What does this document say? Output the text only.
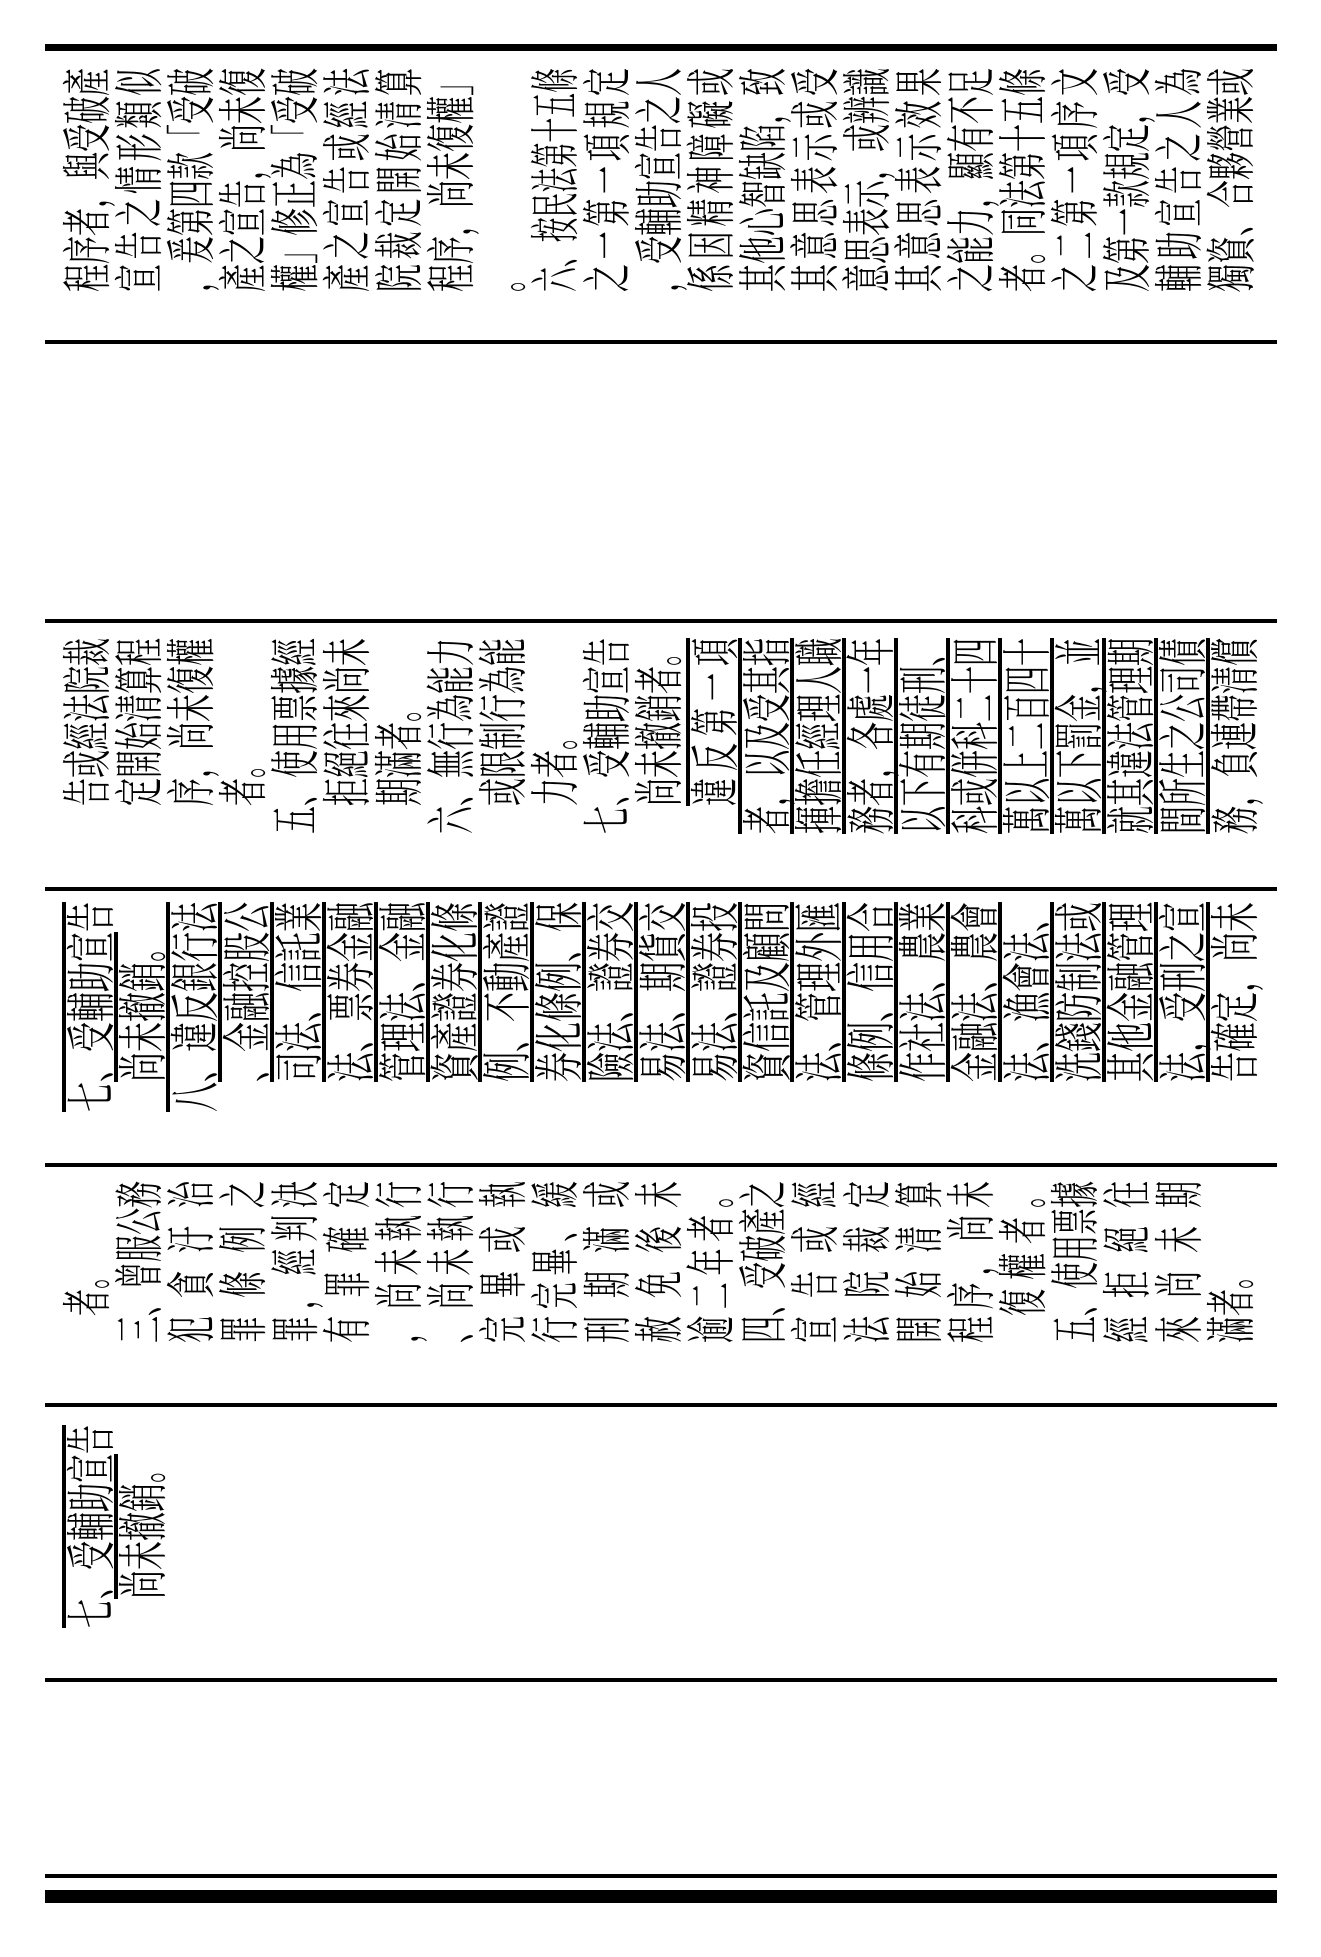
程序者，與受破產
宣告之情形類似
，爰第四款「受破
產之宣告，尚未復
權」修正為「受破
產之宣告或經法
院裁定開始清算
程序，尚未復權」
。
六、按民法第十五條
之一第一項規定
，受輔助宣告之人
係因精神障礙或
其他心智缺陷，致
其意思表示或受
意思表示，或辨識
其意思表示效果
之能力，顯有不足
者。同法第十五條
之二第一項序文
及第一款規定，受
輔助宣告之人為
獨資、合夥營業或
告或經法院裁
定開始清算程
序，尚未復權
者。
五、使用票據經
拒絕往來尚未
期滿者。
六、無行為能力
或限制行為能
力者。
七、受輔助宣告
尚未撤銷者。
違反第一項
者，以及受其指
揮擔任經理人職
務者，各處一年
以下有期徒刑、
科或併科二十四
萬以上二百四十
萬以下罰金，並
就其違法管理期
間所生之公司債
務，負連帶清償
七、受輔助宣告
尚未撤銷。
八、違反銀行法
、金融控股公
司法、信託業
法、票券金融
管理法、金融
資產證券化條
例、不動產證
券化條例、保
險法、證券交
易法、期貨交
易法、證券投
資信託及顧問
法、管理外匯
條例、信用合
作社法、農業
金融法、農會
法、漁會法、
洗錢防制法或
其他金融管理
法，受刑之宣
告確定，尚未
者。
三、曾服公務
犯貪汙治
罪條例之
罪，經判決
有罪確定
，尚未執行
、尚未執行
完畢或執
行完畢、緩
刑期滿或
赦免後未
逾二年者。
四、受破產之
宣告或經
法院裁定
開始清算
程序，尚未
復權者。
五、使用票據
經拒絕往
來尚未期
滿者。
七、受輔助宣告
尚未撤銷。
